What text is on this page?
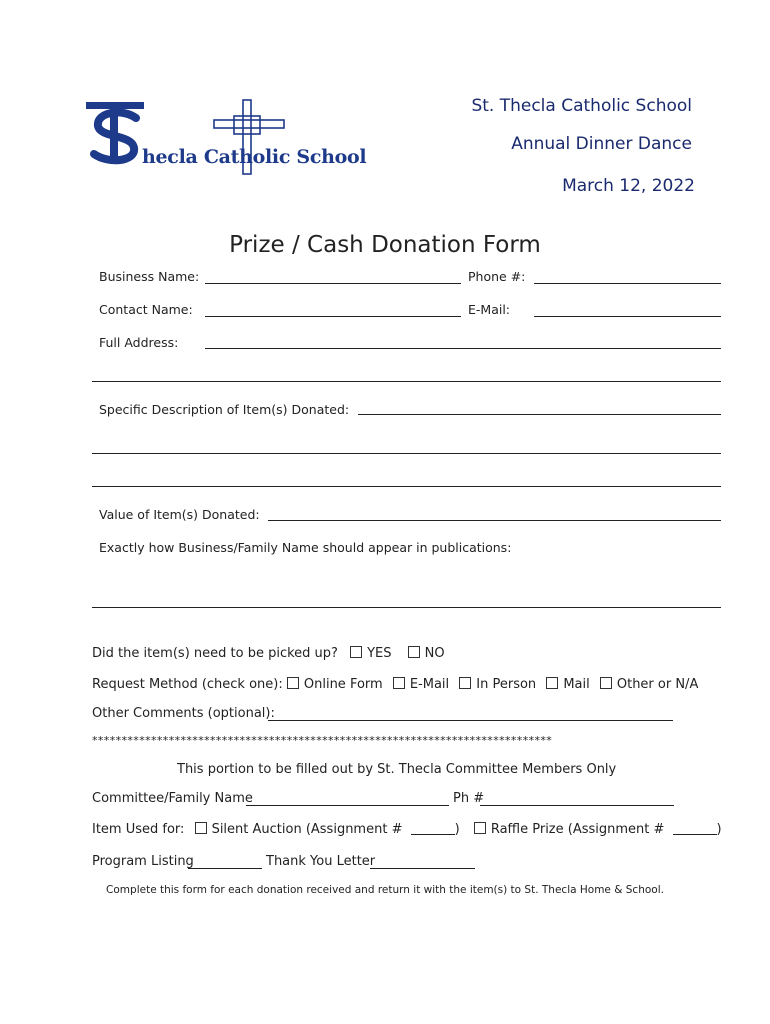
hecla Catholic School
St. Thecla Catholic School
Annual Dinner Dance
March 12, 2022
Prize / Cash Donation Form
Business Name:	Phone #:
Contact Name:	E-Mail:
Full Address:
Specific Description of Item(s) Donated:
Value of Item(s) Donated:
Exactly how Business/Family Name should appear in publications:
Did the item(s) need to be picked up? YES	NO
Request Method (check one): Online Form E-Mail In Person Mail Other or N/A
Other Comments (optional):
******************************************************************************
This portion to be filled out by St. Thecla Committee Members Only
Committee/Family Name	Ph #
Item Used for: Silent Auction (Assignment #	) Raffle Prize (Assignment #	)
Program Listing	Thank You Letter
Complete this form for each donation received and return it with the item(s) to St. Thecla Home & School.
